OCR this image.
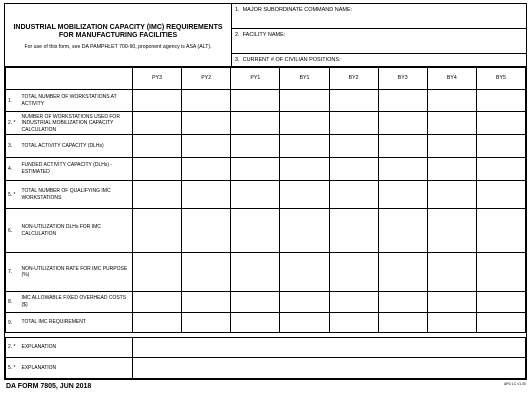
INDUSTRIAL MOBILIZATION CAPACITY (IMC) REQUIREMENTS
FOR MANUFACTURING FACILITIES
For use of this form, see DA PAMPHLET 700-90, proponent agency is ASA (ALT).
1. MAJOR SUBORDINATE COMMAND NAME:
2. FACILITY NAME:
3. CURRENT # OF CIVILIAN POSITIONS:
		PY3	PY2	PY1	BY1	BY2	BY3	BY4	BY5
1.	TOTAL NUMBER OF WORKSTATIONS AT ACTIVITY								
2. *	NUMBER OF WORKSTATIONS USED FOR INDUSTRIAL MOBILIZATION CAPACITY CALCULATION								
3.	TOTAL ACTIVITY CAPACITY (DLHs)								
4.	FUNDED ACTIVITY CAPACITY (DLHs) - ESTIMATED								
5. *	TOTAL NUMBER OF QUALIFYING IMC WORKSTATIONS								
6.	NON-UTILIZATION DLHs FOR IMC CALCULATION								
7.	NON-UTILIZATION RATE FOR IMC PURPOSE (%)								
8.	IMC ALLOWABLE FIXED OVERHEAD COSTS ($)								
9.	TOTAL IMC REQUIREMENT								

2. *	EXPLANATION								
5. *	EXPLANATION								
DA FORM 7805, JUN 2018	APD LC v1.00
